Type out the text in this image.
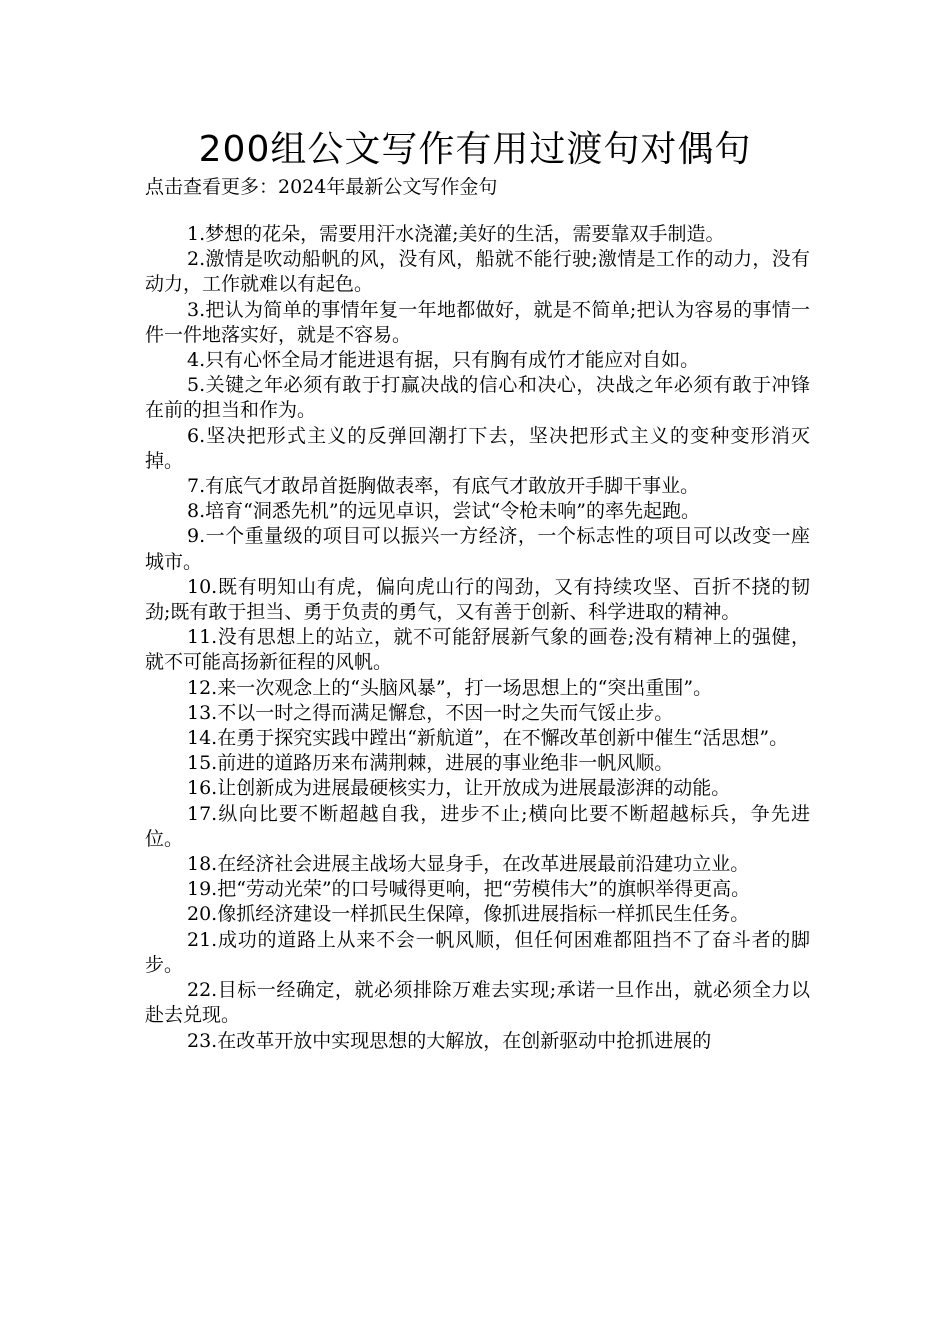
200组公文写作有用过渡句对偶句
点击查看更多：2024年最新公文写作金句

1.梦想的花朵，需要用汗水浇灌;美好的生活，需要靠双手制造。

2.激情是吹动船帆的风，没有风，船就不能行驶;激情是工作的动力，没有动力，工作就难以有起色。

3.把认为简单的事情年复一年地都做好，就是不简单;把认为容易的事情一件一件地落实好，就是不容易。

4.只有心怀全局才能进退有据，只有胸有成竹才能应对自如。

5.关键之年必须有敢于打赢决战的信心和决心，决战之年必须有敢于冲锋在前的担当和作为。

6.坚决把形式主义的反弹回潮打下去，坚决把形式主义的变种变形消灭掉。

7.有底气才敢昂首挺胸做表率，有底气才敢放开手脚干事业。

8.培育“洞悉先机”的远见卓识，尝试“令枪未响”的率先起跑。

9.一个重量级的项目可以振兴一方经济，一个标志性的项目可以改变一座城市。

10.既有明知山有虎，偏向虎山行的闯劲，又有持续攻坚、百折不挠的韧劲;既有敢于担当、勇于负责的勇气，又有善于创新、科学进取的精神。

11.没有思想上的站立，就不可能舒展新气象的画卷;没有精神上的强健，就不可能高扬新征程的风帆。

12.来一次观念上的“头脑风暴”，打一场思想上的“突出重围”。

13.不以一时之得而满足懈怠，不因一时之失而气馁止步。

14.在勇于探究实践中蹚出“新航道”，在不懈改革创新中催生“活思想”。

15.前进的道路历来布满荆棘，进展的事业绝非一帆风顺。

16.让创新成为进展最硬核实力，让开放成为进展最澎湃的动能。

17.纵向比要不断超越自我，进步不止;横向比要不断超越标兵，争先进位。

18.在经济社会进展主战场大显身手，在改革进展最前沿建功立业。

19.把“劳动光荣”的口号喊得更响，把“劳模伟大”的旗帜举得更高。

20.像抓经济建设一样抓民生保障，像抓进展指标一样抓民生任务。

21.成功的道路上从来不会一帆风顺，但任何困难都阻挡不了奋斗者的脚步。

22.目标一经确定，就必须排除万难去实现;承诺一旦作出，就必须全力以赴去兑现。

23.在改革开放中实现思想的大解放，在创新驱动中抢抓进展的
